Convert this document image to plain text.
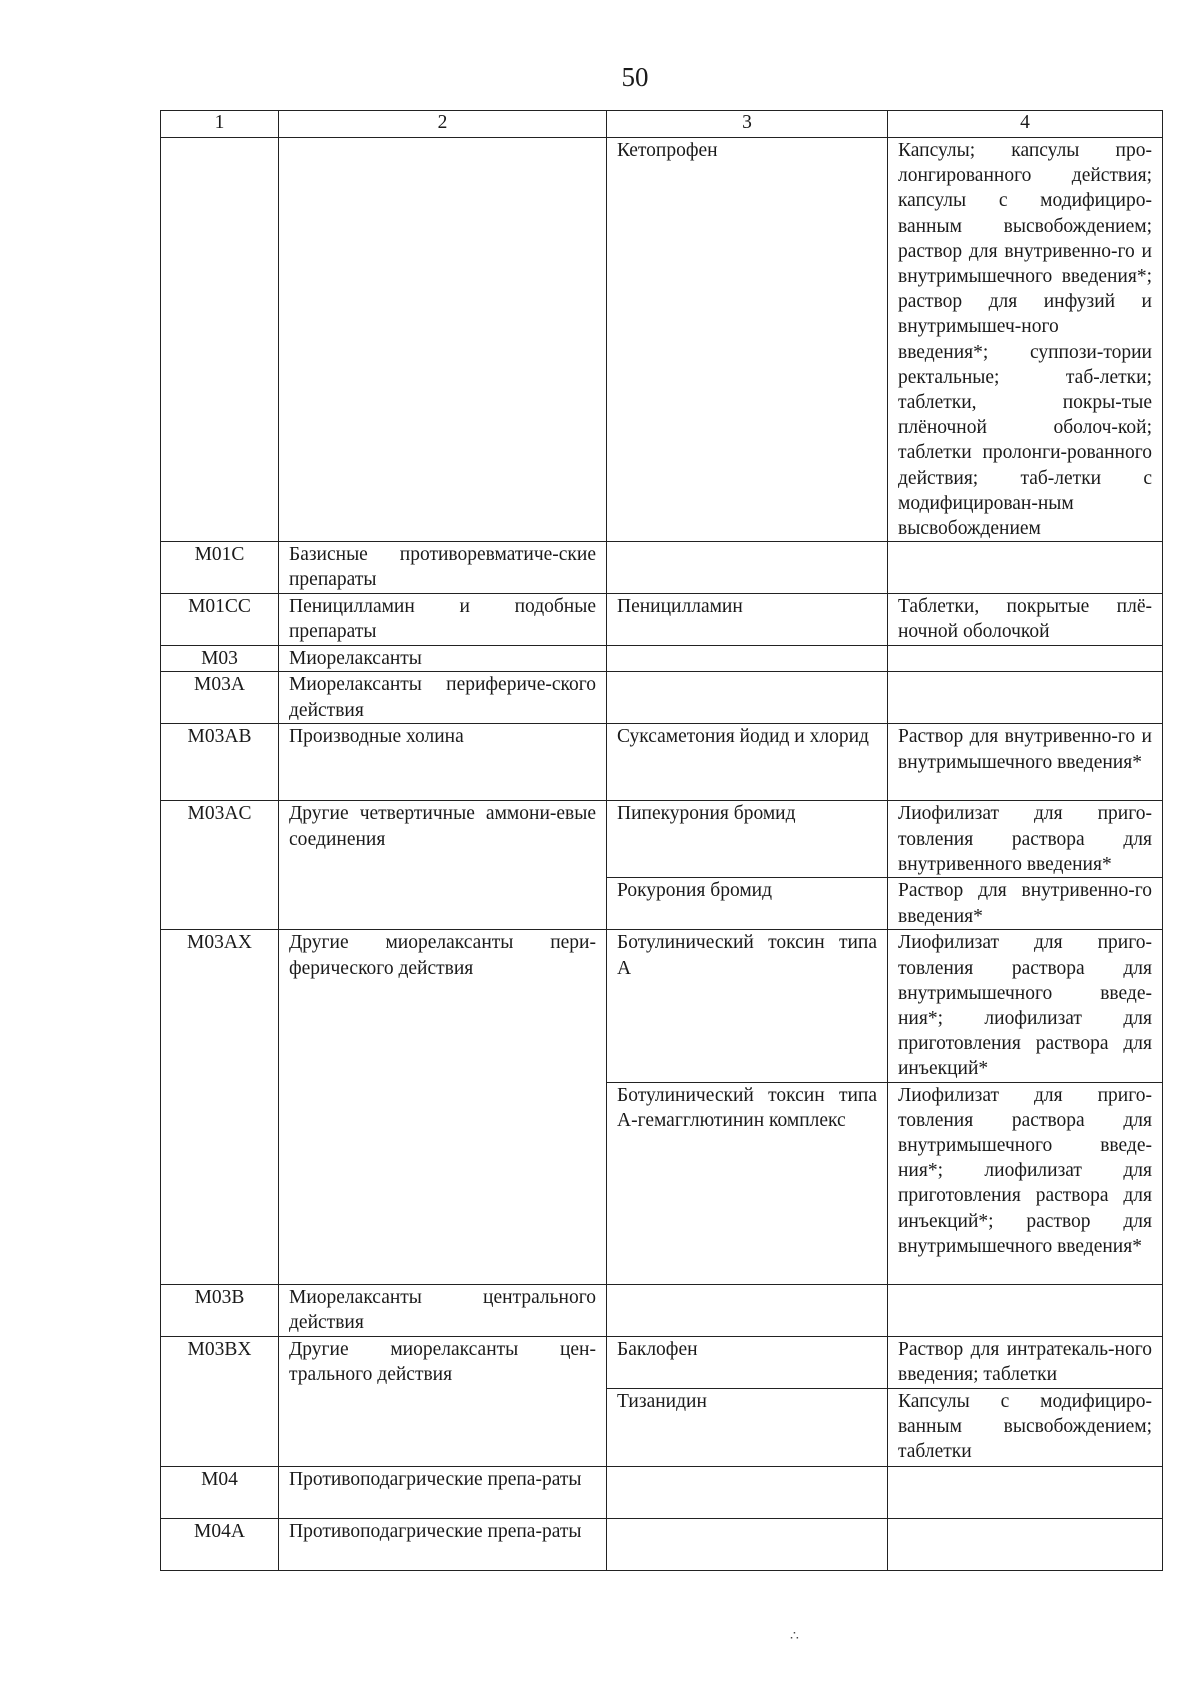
50
1	2	3	4
		Кетопрофен	Капсулы; капсулы про-лонгированного действия; капсулы с модифициро-ванным высвобождением; раствор для внутривенно-го и внутримышечного введения*; раствор для инфузий и внутримышеч-ного введения*; суппози-тории ректальные; таб-летки; таблетки, покры-тые плёночной оболоч-кой; таблетки пролонги-рованного действия; таб-летки с модифицирован-ным высвобождением
M01C	Базисные противоревматиче-ские препараты		
M01CC	Пеницилламин и подобные препараты	Пеницилламин	Таблетки, покрытые плё-ночной оболочкой
M03	Миорелаксанты		
M03A	Миорелаксанты перифериче-ского действия		
M03AB	Производные холина	Суксаметония йодид и хлорид	Раствор для внутривенно-го и внутримышечного введения*
M03AC	Другие четвертичные аммони-евые соединения	Пипекурония бромид	Лиофилизат для приго-товления раствора для внутривенного введения*
		Рокурония бромид	Раствор для внутривенно-го введения*
M03AX	Другие миорелаксанты пери-ферического действия	Ботулинический токсин типа А	Лиофилизат для приго-товления раствора для внутримышечного введе-ния*; лиофилизат для приготовления раствора для инъекций*
		Ботулинический токсин типа А-гемагглютинин комплекс	Лиофилизат для приго-товления раствора для внутримышечного введе-ния*; лиофилизат для приготовления раствора для инъекций*; раствор для внутримышечного введения*
M03B	Миорелаксанты центрального действия		
M03BX	Другие миорелаксанты цен-трального действия	Баклофен	Раствор для интратекаль-ного введения; таблетки
		Тизанидин	Капсулы с модифициро-ванным высвобождением; таблетки
M04	Противоподагрические препа-раты		
M04A	Противоподагрические препа-раты		
∴
